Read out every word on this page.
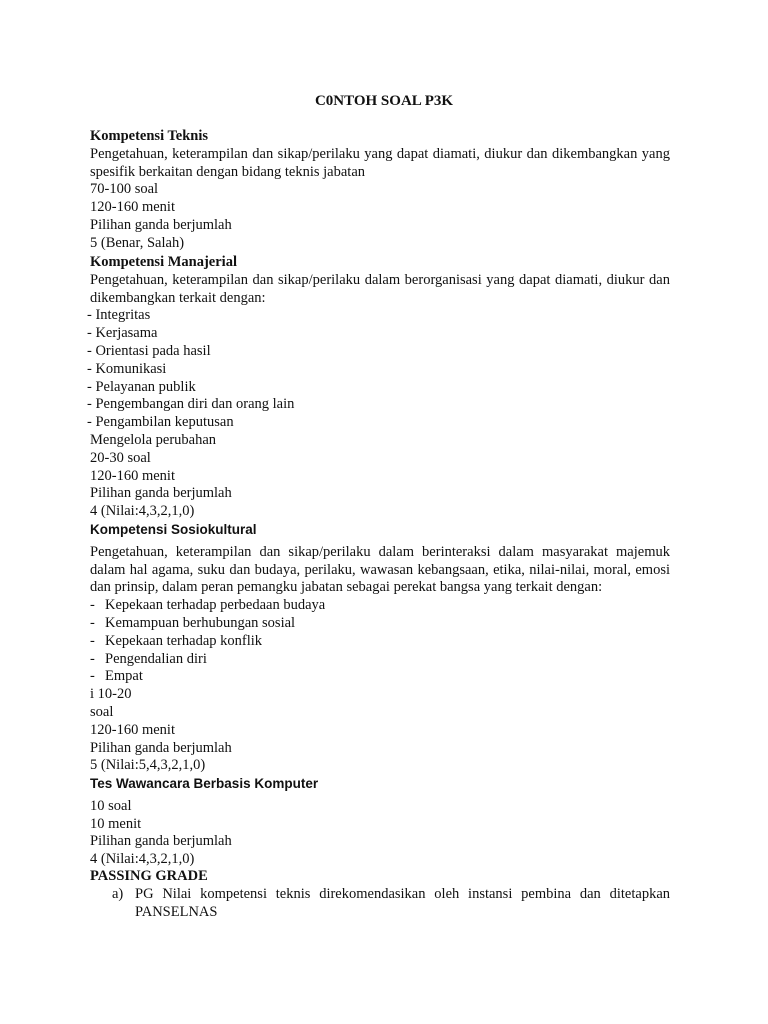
C0NTOH SOAL P3K
Kompetensi Teknis
Pengetahuan, keterampilan dan sikap/perilaku yang dapat diamati, diukur dan dikembangkan yang spesifik berkaitan dengan bidang teknis jabatan
70-100 soal
120-160 menit
Pilihan ganda berjumlah
5 (Benar, Salah)
Kompetensi Manajerial
Pengetahuan, keterampilan dan sikap/perilaku dalam berorganisasi yang dapat diamati, diukur dan dikembangkan terkait dengan:
- Integritas
- Kerjasama
- Orientasi pada hasil
- Komunikasi
- Pelayanan publik
- Pengembangan diri dan orang lain
- Pengambilan keputusan
Mengelola perubahan
20-30 soal
120-160 menit
Pilihan ganda berjumlah
4 (Nilai:4,3,2,1,0)
Kompetensi Sosiokultural
Pengetahuan, keterampilan dan sikap/perilaku dalam berinteraksi dalam masyarakat majemuk dalam hal agama, suku dan budaya, perilaku, wawasan kebangsaan, etika, nilai-nilai, moral, emosi dan prinsip, dalam peran pemangku jabatan sebagai perekat bangsa yang terkait dengan:
- Kepekaan terhadap perbedaan budaya
- Kemampuan berhubungan sosial
- Kepekaan terhadap konflik
- Pengendalian diri
- Empat
i 10-20
soal
120-160 menit
Pilihan ganda berjumlah
5 (Nilai:5,4,3,2,1,0)
Tes Wawancara Berbasis Komputer
10 soal
10 menit
Pilihan ganda berjumlah
4 (Nilai:4,3,2,1,0)
PASSING GRADE
a) PG Nilai kompetensi teknis direkomendasikan oleh instansi pembina dan ditetapkan PANSELNAS
